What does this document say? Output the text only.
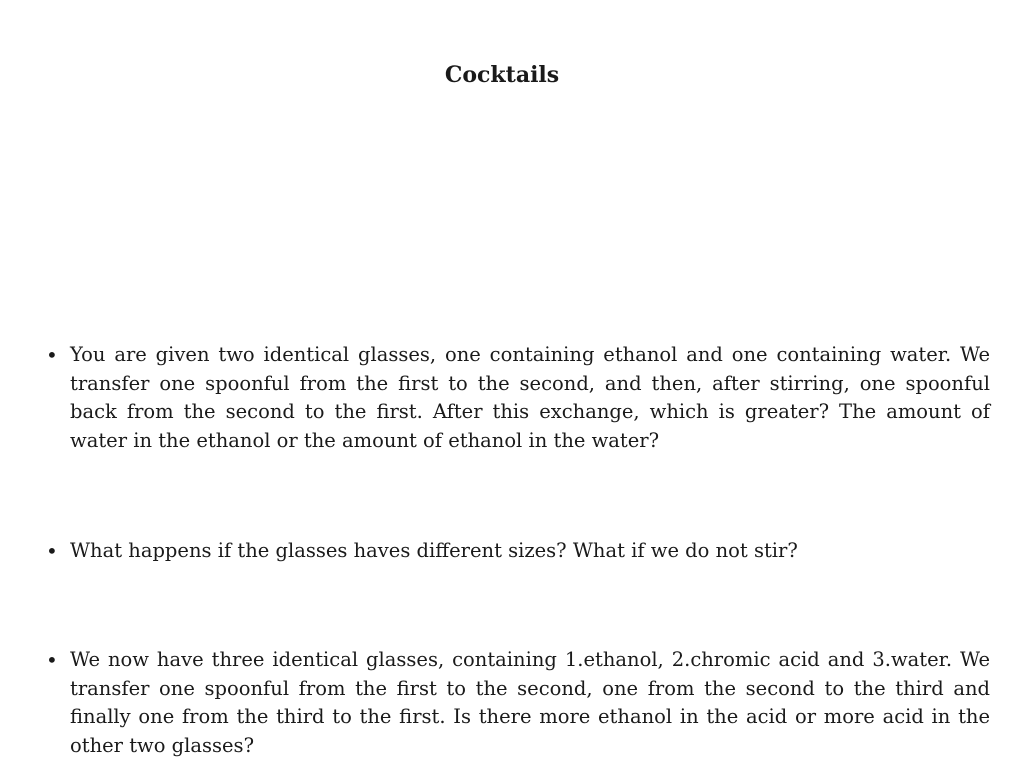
Cocktails
• You are given two identical glasses, one containing ethanol and one containing water. We transfer one spoonful from the first to the second, and then, after stirring, one spoonful back from the second to the first. After this exchange, which is greater? The amount of water in the ethanol or the amount of ethanol in the water?

• What happens if the glasses haves different sizes? What if we do not stir?

• We now have three identical glasses, containing 1.ethanol, 2.chromic acid and 3.water. We transfer one spoonful from the first to the second, one from the second to the third and finally one from the third to the first. Is there more ethanol in the acid or more acid in the other two glasses?
